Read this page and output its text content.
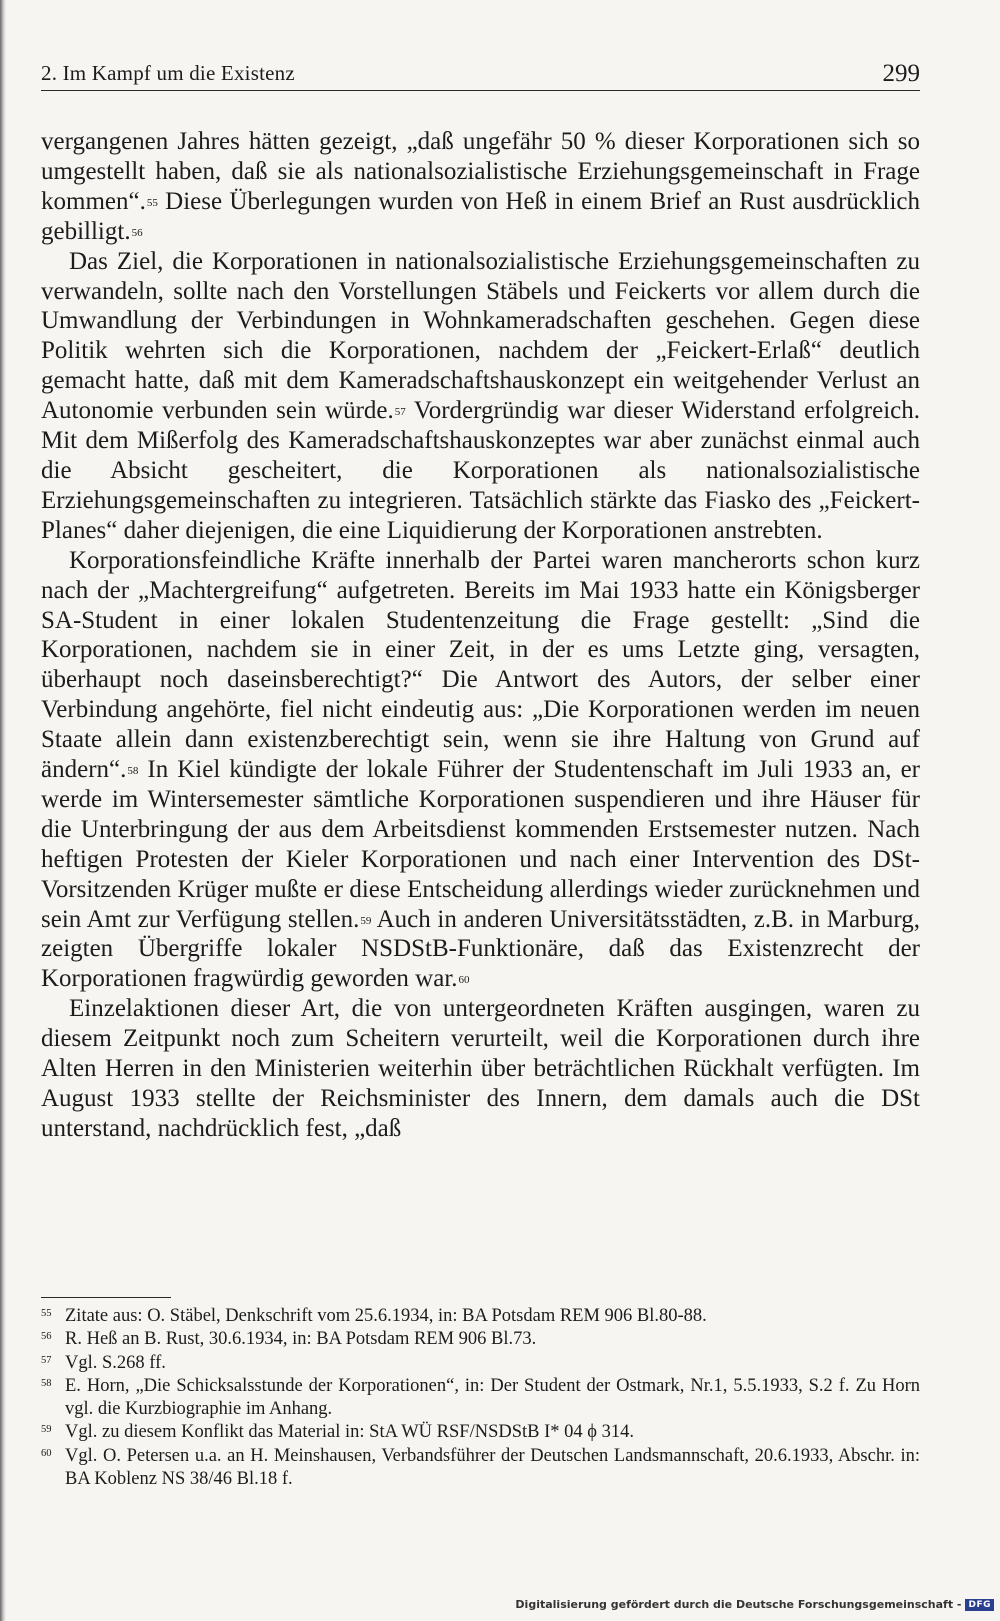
2. Im Kampf um die Existenz	299

vergangenen Jahres hätten gezeigt, „daß ungefähr 50 % dieser Korporationen sich so umgestellt haben, daß sie als nationalsozialistische Erziehungsgemeinschaft in Frage kommen“.$^{55}$ Diese Überlegungen wurden von Heß in einem Brief an Rust ausdrücklich gebilligt.$^{56}$

Das Ziel, die Korporationen in nationalsozialistische Erziehungsgemeinschaften zu verwandeln, sollte nach den Vorstellungen Stäbels und Feickerts vor allem durch die Umwandlung der Verbindungen in Wohnkameradschaften geschehen. Gegen diese Politik wehrten sich die Korporationen, nachdem der „Feickert-Erlaß“ deutlich gemacht hatte, daß mit dem Kameradschaftshauskonzept ein weitgehender Verlust an Autonomie verbunden sein würde.$^{57}$ Vordergründig war dieser Widerstand erfolgreich. Mit dem Mißerfolg des Kameradschaftshauskonzeptes war aber zunächst einmal auch die Absicht gescheitert, die Korporationen als nationalsozialistische Erziehungsgemeinschaften zu integrieren. Tatsächlich stärkte das Fiasko des „Feickert-Planes“ daher diejenigen, die eine Liquidierung der Korporationen anstrebten.

Korporationsfeindliche Kräfte innerhalb der Partei waren mancherorts schon kurz nach der „Machtergreifung“ aufgetreten. Bereits im Mai 1933 hatte ein Königsberger SA-Student in einer lokalen Studentenzeitung die Frage gestellt: „Sind die Korporationen, nachdem sie in einer Zeit, in der es ums Letzte ging, versagten, überhaupt noch daseinsberechtigt?“ Die Antwort des Autors, der selber einer Verbindung angehörte, fiel nicht eindeutig aus: „Die Korporationen werden im neuen Staate allein dann existenzberechtigt sein, wenn sie ihre Haltung von Grund auf ändern“.$^{58}$ In Kiel kündigte der lokale Führer der Studentenschaft im Juli 1933 an, er werde im Wintersemester sämtliche Korporationen suspendieren und ihre Häuser für die Unterbringung der aus dem Arbeitsdienst kommenden Erstsemester nutzen. Nach heftigen Protesten der Kieler Korporationen und nach einer Intervention des DSt-Vorsitzenden Krüger mußte er diese Entscheidung allerdings wieder zurücknehmen und sein Amt zur Verfügung stellen.$^{59}$ Auch in anderen Universitätsstädten, z.B. in Marburg, zeigten Übergriffe lokaler NSDStB-Funktionäre, daß das Existenzrecht der Korporationen fragwürdig geworden war.$^{60}$

Einzelaktionen dieser Art, die von untergeordneten Kräften ausgingen, waren zu diesem Zeitpunkt noch zum Scheitern verurteilt, weil die Korporationen durch ihre Alten Herren in den Ministerien weiterhin über beträchtlichen Rückhalt verfügten. Im August 1933 stellte der Reichsminister des Innern, dem damals auch die DSt unterstand, nachdrücklich fest, „daß

55 Zitate aus: O. Stäbel, Denkschrift vom 25.6.1934, in: BA Potsdam REM 906 Bl.80-88.
56 R. Heß an B. Rust, 30.6.1934, in: BA Potsdam REM 906 Bl.73.
57 Vgl. S.268 ff.
58 E. Horn, „Die Schicksalsstunde der Korporationen“, in: Der Student der Ostmark, Nr.1, 5.5.1933, S.2 f. Zu Horn vgl. die Kurzbiographie im Anhang.
59 Vgl. zu diesem Konflikt das Material in: StA WÜ RSF/NSDStB I* 04 ϕ 314.
60 Vgl. O. Petersen u.a. an H. Meinshausen, Verbandsführer der Deutschen Landsmannschaft, 20.6.1933, Abschr. in: BA Koblenz NS 38/46 Bl.18 f.
Digitalisierung gefördert durch die Deutsche Forschungsgemeinschaft - DFG
